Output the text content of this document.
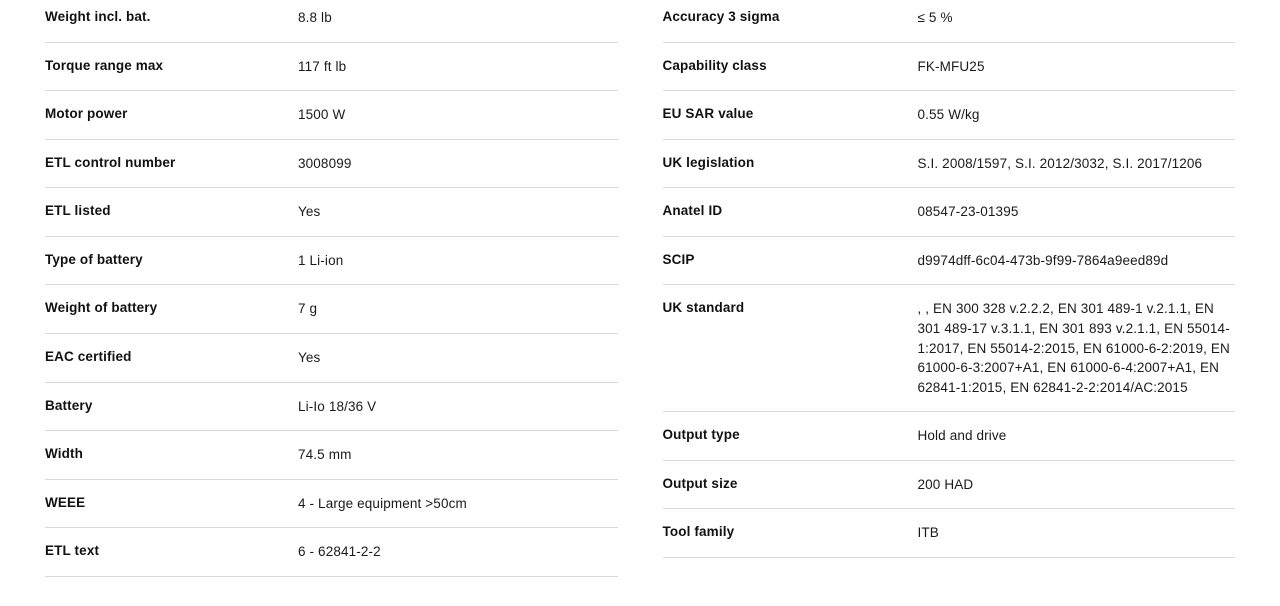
Weight incl. bat.	8.8 lb
Torque range max	117 ft lb
Motor power	1500 W
ETL control number	3008099
ETL listed	Yes
Type of battery	1 Li-ion
Weight of battery	7 g
EAC certified	Yes
Battery	Li-Io 18/36 V
Width	74.5 mm
WEEE	4 - Large equipment >50cm
ETL text	6 - 62841-2-2
Accuracy 3 sigma	≤ 5 %
Capability class	FK-MFU25
EU SAR value	0.55 W/kg
UK legislation	S.I. 2008/1597, S.I. 2012/3032, S.I. 2017/1206
Anatel ID	08547-23-01395
SCIP	d9974dff-6c04-473b-9f99-7864a9eed89d
UK standard	, , EN 300 328 v.2.2.2, EN 301 489-1 v.2.1.1, EN 301 489-17 v.3.1.1, EN 301 893 v.2.1.1, EN 55014-1:2017, EN 55014-2:2015, EN 61000-6-2:2019, EN 61000-6-3:2007+A1, EN 61000-6-4:2007+A1, EN 62841-1:2015, EN 62841-2-2:2014/AC:2015
Output type	Hold and drive
Output size	200 HAD
Tool family	ITB
